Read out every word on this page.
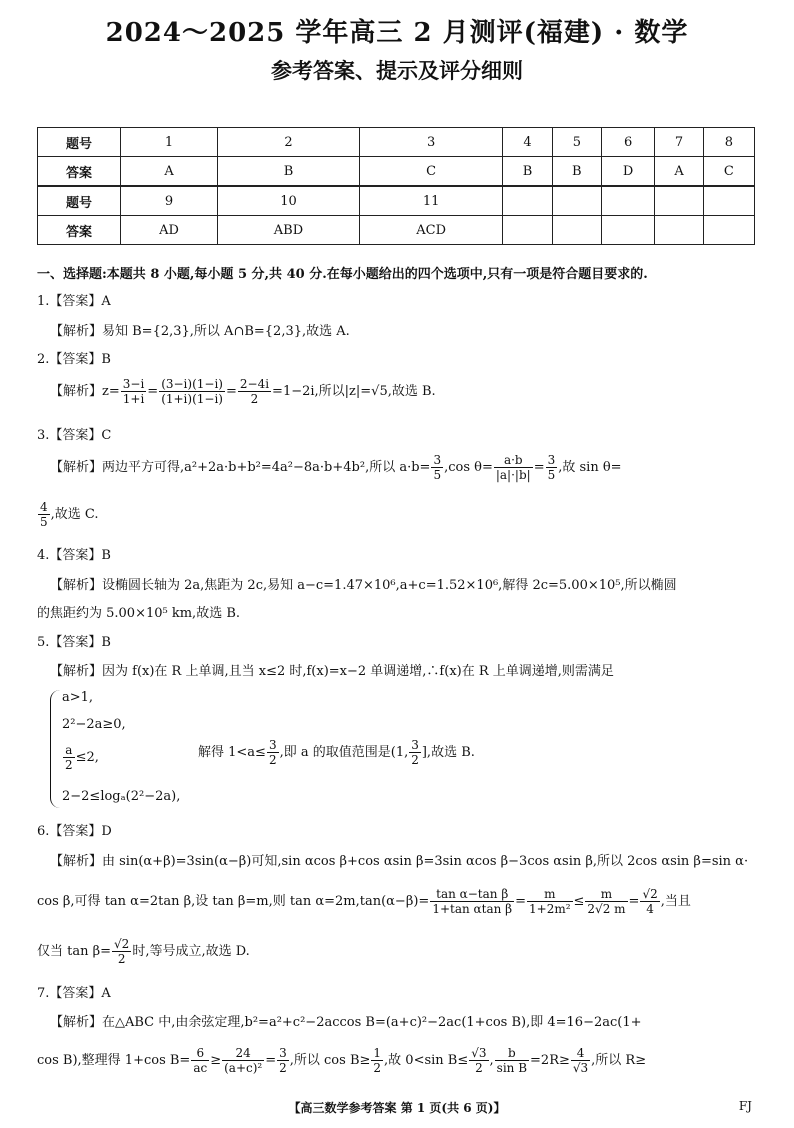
2024～2025 学年高三 2 月测评(福建) · 数学
参考答案、提示及评分细则
题号	1	2	3	4	5	6	7	8
答案	A	B	C	B	B	D	A	C
题号	9	10	11					
答案	AD	ABD	ACD					
一、选择题:本题共 8 小题,每小题 5 分,共 40 分.在每小题给出的四个选项中,只有一项是符合题目要求的.
1.【答案】A
【解析】易知 B={2,3},所以 A∩B={2,3},故选 A.
2.【答案】B
【解析】$z= \frac{3-i}{1+i} = \frac{(3-i)(1-i)}{(1+i)(1-i)} = \frac{2-4i}{2} =1-2i$,所以|z|=√5,故选 B.
3.【答案】C
【解析】两边平方可得,a²+2a·b+b²=4a²−8a·b+4b²,所以 $a\cdot b= \frac{3}{5} ,\cos$ $\theta= \frac{a\cdot b}{|a|\cdot|b|} = \frac{3}{5}$ ,故 sin θ=
$\frac{4}{5}$ ,故选 C.
4.【答案】B
【解析】设椭圆长轴为 2a,焦距为 2c,易知 a−c=1.47×10⁶,a+c=1.52×10⁶,解得 2c=5.00×10⁵,所以椭圆
的焦距约为 5.00×10⁵ km,故选 B.
5.【答案】B
【解析】因为 f(x)在 R 上单调,且当 x≤2 时,f(x)=x−2 单调递增,∴f(x)在 R 上单调递增,则需满足
a>1,
2²−2a≥0,
$\frac{a}{2} \le 2$,
2−2≤logₐ(2²−2a),
解得 $1<a\le \frac{3}{2}$ ,即 a 的取值范围是(1, $\frac{3}{2}$ ],故选 B.
6.【答案】D
【解析】由 sin(α+β)=3sin(α−β)可知,sin αcos β+cos αsin β=3sin αcos β−3cos αsin β,所以 2cos αsin β=sin α·
cos β,可得 tan α=2tan β,设 tan β=m,则 $\tan \alpha=2m,\tan(\alpha-\beta)= \frac{\text{tan α−tan β}}{\text{1+tan αtan β}} = \frac{m}{\text{1+2m²}} \le \frac{m}{2√2 m} = \frac{√2}{4}$ ,当且
仅当 $\tan \beta= \frac{√2}{2}$ 时,等号成立,故选 D.
7.【答案】A
【解析】在△ABC 中,由余弦定理,b²=a²+c²−2accos B=(a+c)²−2ac(1+cos B),即 4=16−2ac(1+
cos B),整理得 1+cos $B= \frac{6}{ac} \ge \frac{24}{\text{(a+c)²}} = \frac{3}{2}$ ,所以 $\cos B\ge \frac{1}{2}$ ,故 0<sin $B\le \frac{√3}{2}$ , $\frac{b}{\text{sin B}} =2R\ge \frac{4}{√3}$ ,所以 R≥
【高三数学参考答案 第 1 页(共 6 页)】	FJ
